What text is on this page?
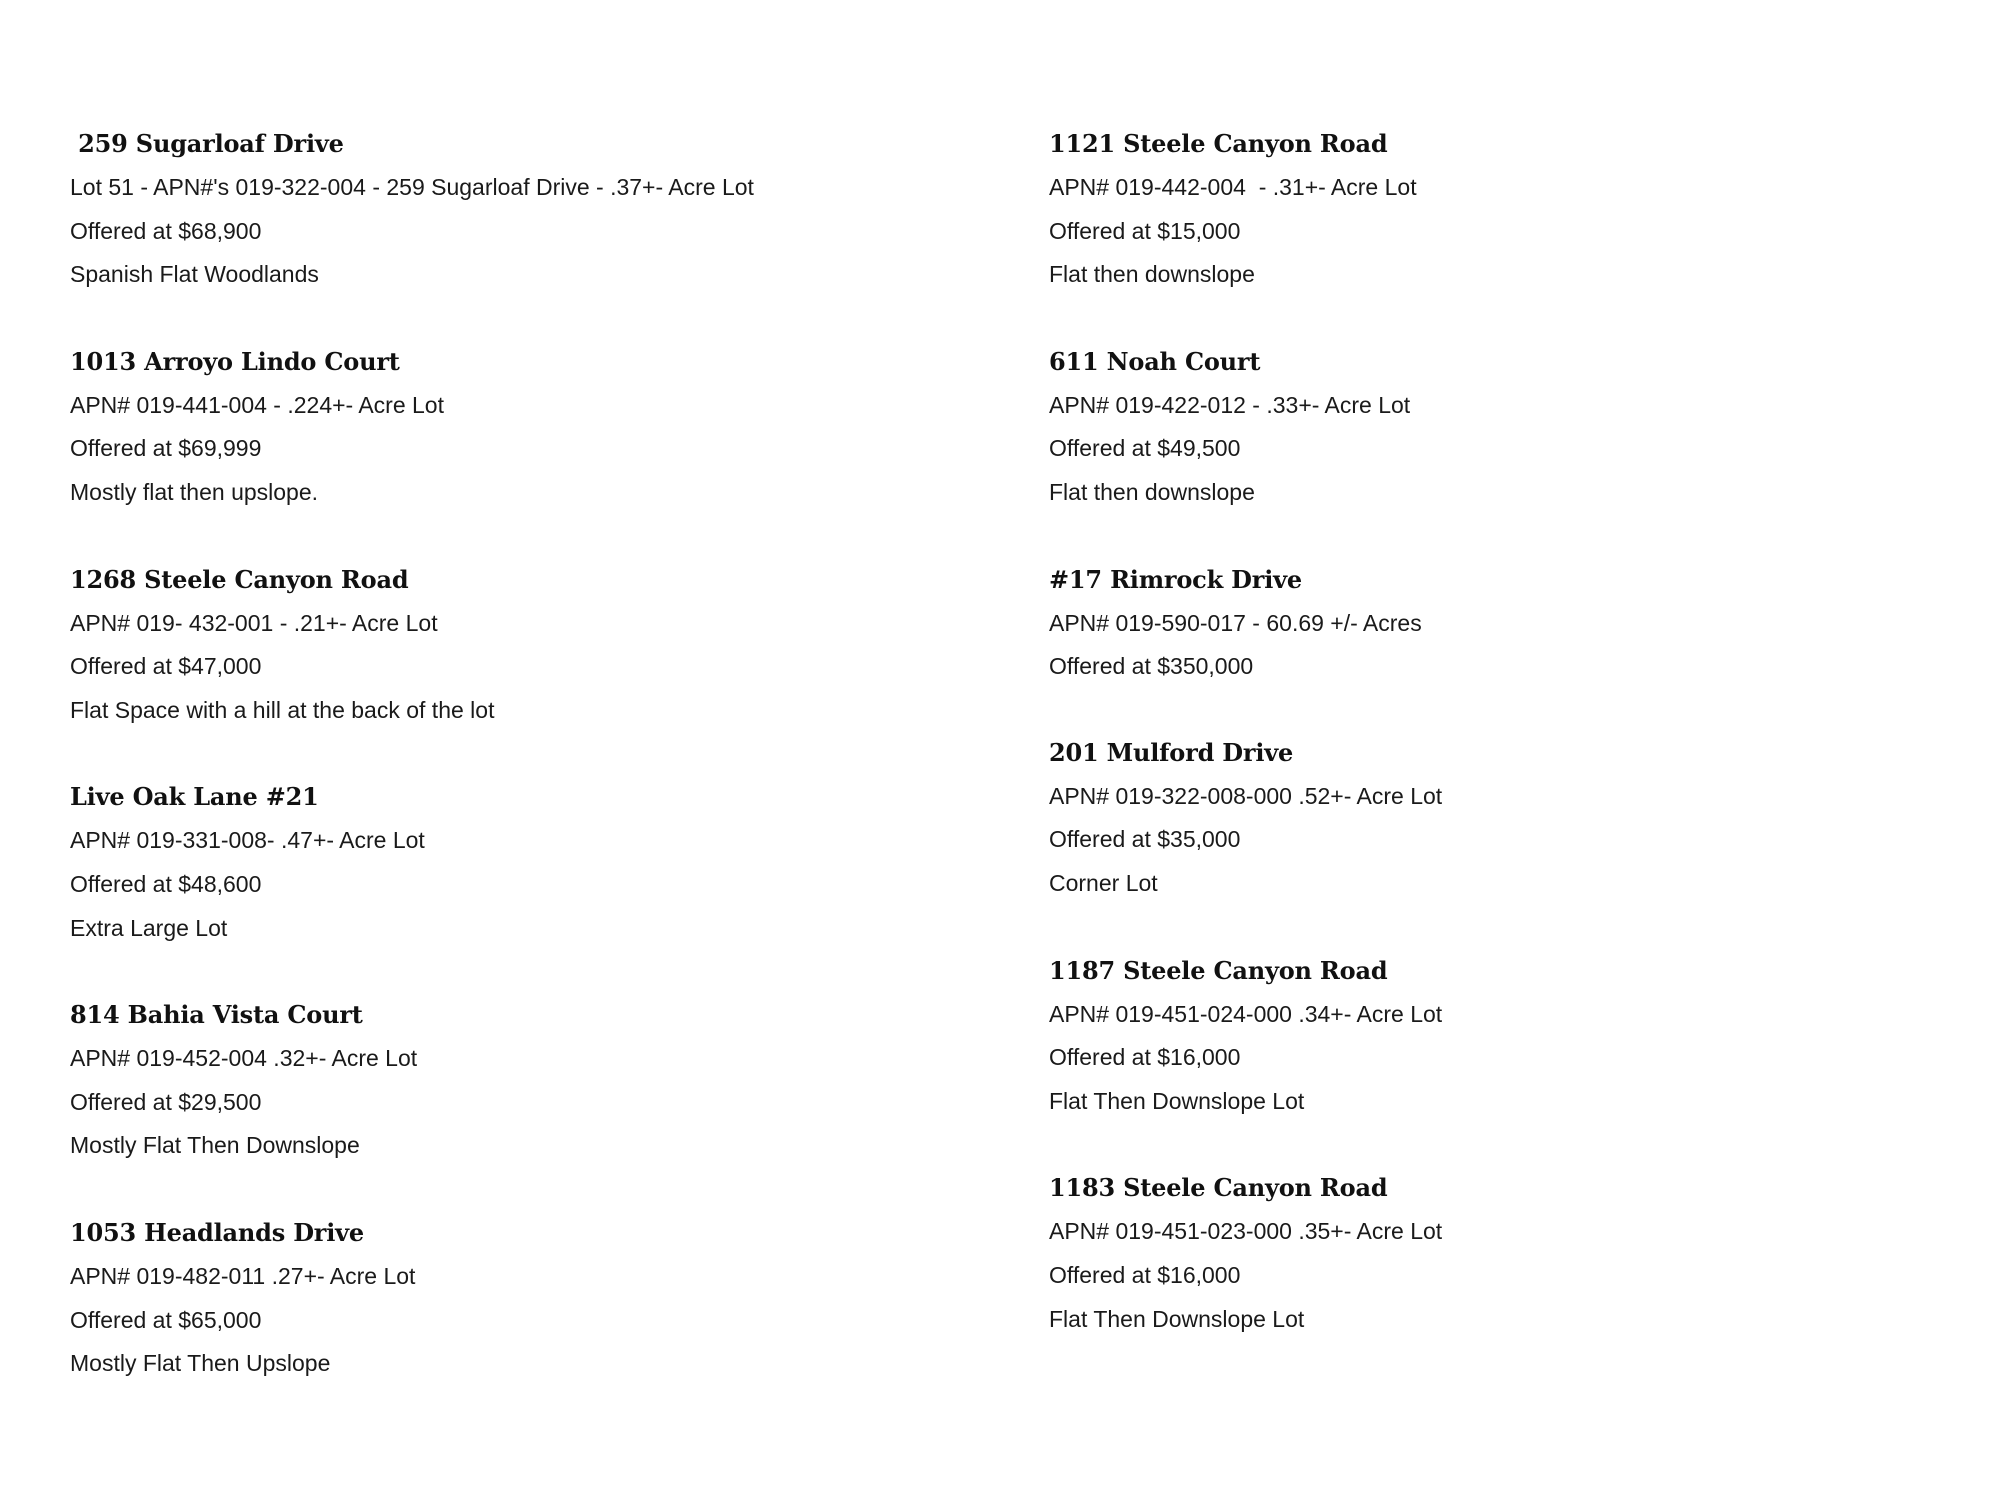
259 Sugarloaf Drive
Lot 51 - APN#'s 019-322-004 - 259 Sugarloaf Drive - .37+- Acre Lot
Offered at $68,900
Spanish Flat Woodlands
1013 Arroyo Lindo Court
APN# 019-441-004 - .224+- Acre Lot
Offered at $69,999
Mostly flat then upslope.
1268 Steele Canyon Road
APN# 019- 432-001 - .21+- Acre Lot
Offered at $47,000
Flat Space with a hill at the back of the lot
Live Oak Lane #21
APN# 019-331-008- .47+- Acre Lot
Offered at $48,600
Extra Large Lot
814 Bahia Vista Court
APN# 019-452-004 .32+- Acre Lot
Offered at $29,500
Mostly Flat Then Downslope
1053 Headlands Drive
APN# 019-482-011 .27+- Acre Lot
Offered at $65,000
Mostly Flat Then Upslope
1121 Steele Canyon Road
APN# 019-442-004  - .31+- Acre Lot
Offered at $15,000
Flat then downslope
611 Noah Court
APN# 019-422-012 - .33+- Acre Lot
Offered at $49,500
Flat then downslope
#17 Rimrock Drive
APN# 019-590-017 - 60.69 +/- Acres
Offered at $350,000
201 Mulford Drive
APN# 019-322-008-000 .52+- Acre Lot
Offered at $35,000
Corner Lot
1187 Steele Canyon Road
APN# 019-451-024-000 .34+- Acre Lot
Offered at $16,000
Flat Then Downslope Lot
1183 Steele Canyon Road
APN# 019-451-023-000 .35+- Acre Lot
Offered at $16,000
Flat Then Downslope Lot
